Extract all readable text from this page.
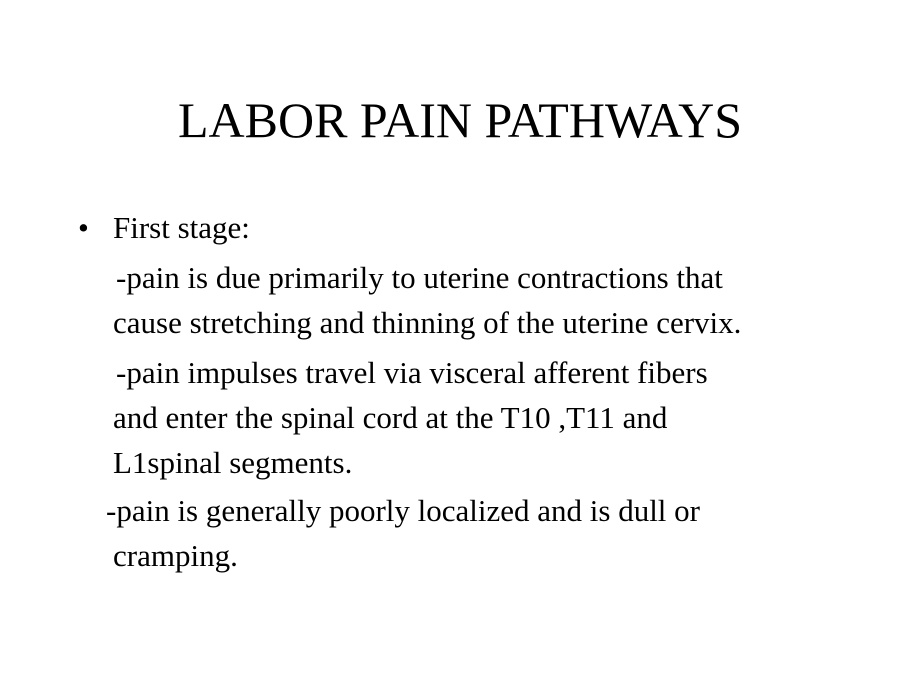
LABOR PAIN PATHWAYS
• First stage:
-pain is due primarily to uterine contractions that
cause stretching and thinning of the uterine cervix.
-pain impulses travel via visceral afferent fibers
and enter the spinal cord at the T10 ,T11 and
L1spinal segments.
-pain is generally poorly localized and is dull or
cramping.
